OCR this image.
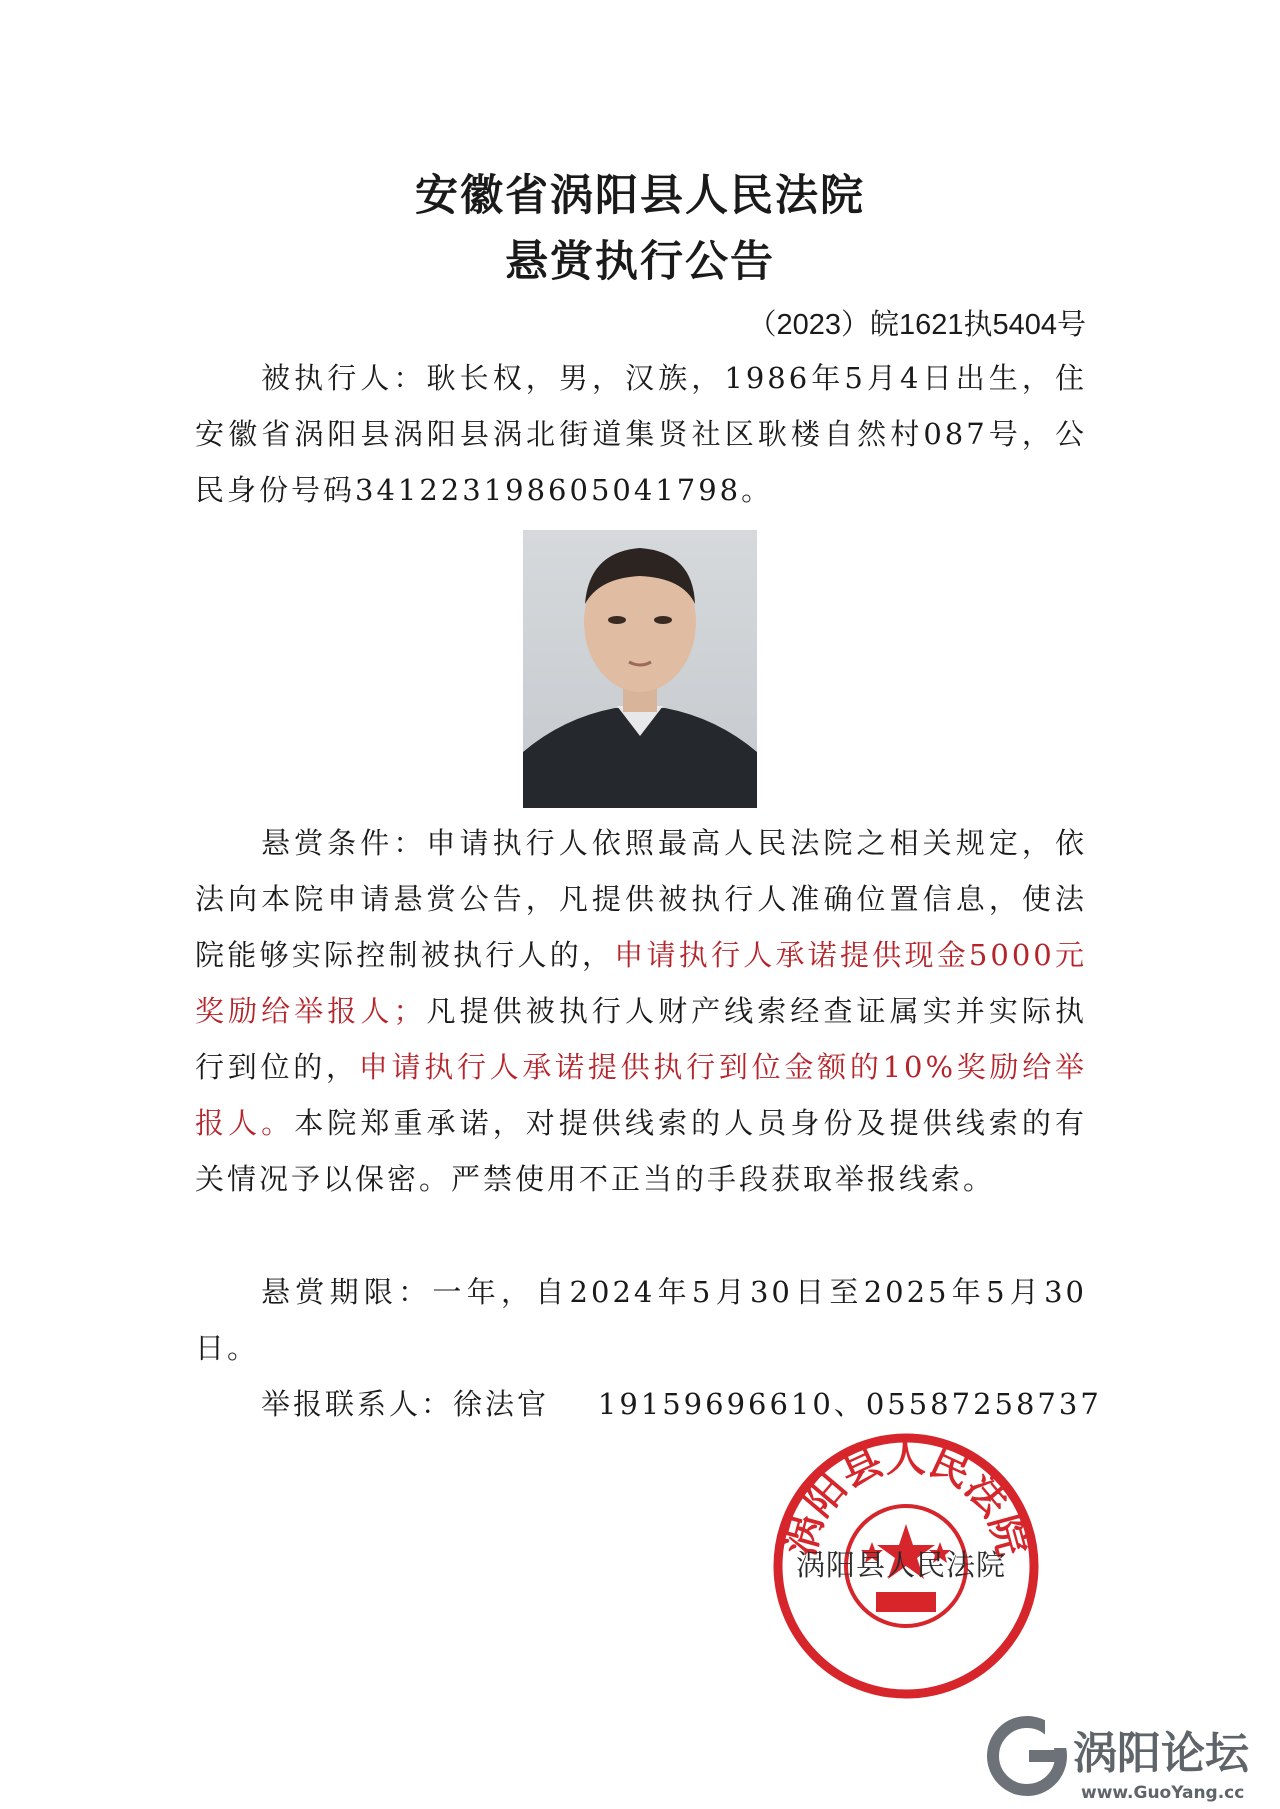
安徽省涡阳县人民法院
悬赏执行公告
（2023）皖1621执5404号

被执行人：耿长权，男，汉族，1986年5月4日出生，住安徽省涡阳县涡阳县涡北街道集贤社区耿楼自然村087号，公民身份号码341223198605041798。

悬赏条件：申请执行人依照最高人民法院之相关规定，依法向本院申请悬赏公告，凡提供被执行人准确位置信息，使法院能够实际控制被执行人的，申请执行人承诺提供现金5000元奖励给举报人；凡提供被执行人财产线索经查证属实并实际执行到位的，申请执行人承诺提供执行到位金额的10%奖励给举报人。本院郑重承诺，对提供线索的人员身份及提供线索的有关情况予以保密。严禁使用不正当的手段获取举报线索。

悬赏期限：一年，自2024年5月30日至2025年5月30日。

举报联系人：徐法官    19159696610、05587258737

涡阳县人民法院
涡阳县人民法院
涡阳论坛
www.GuoYang.cc
